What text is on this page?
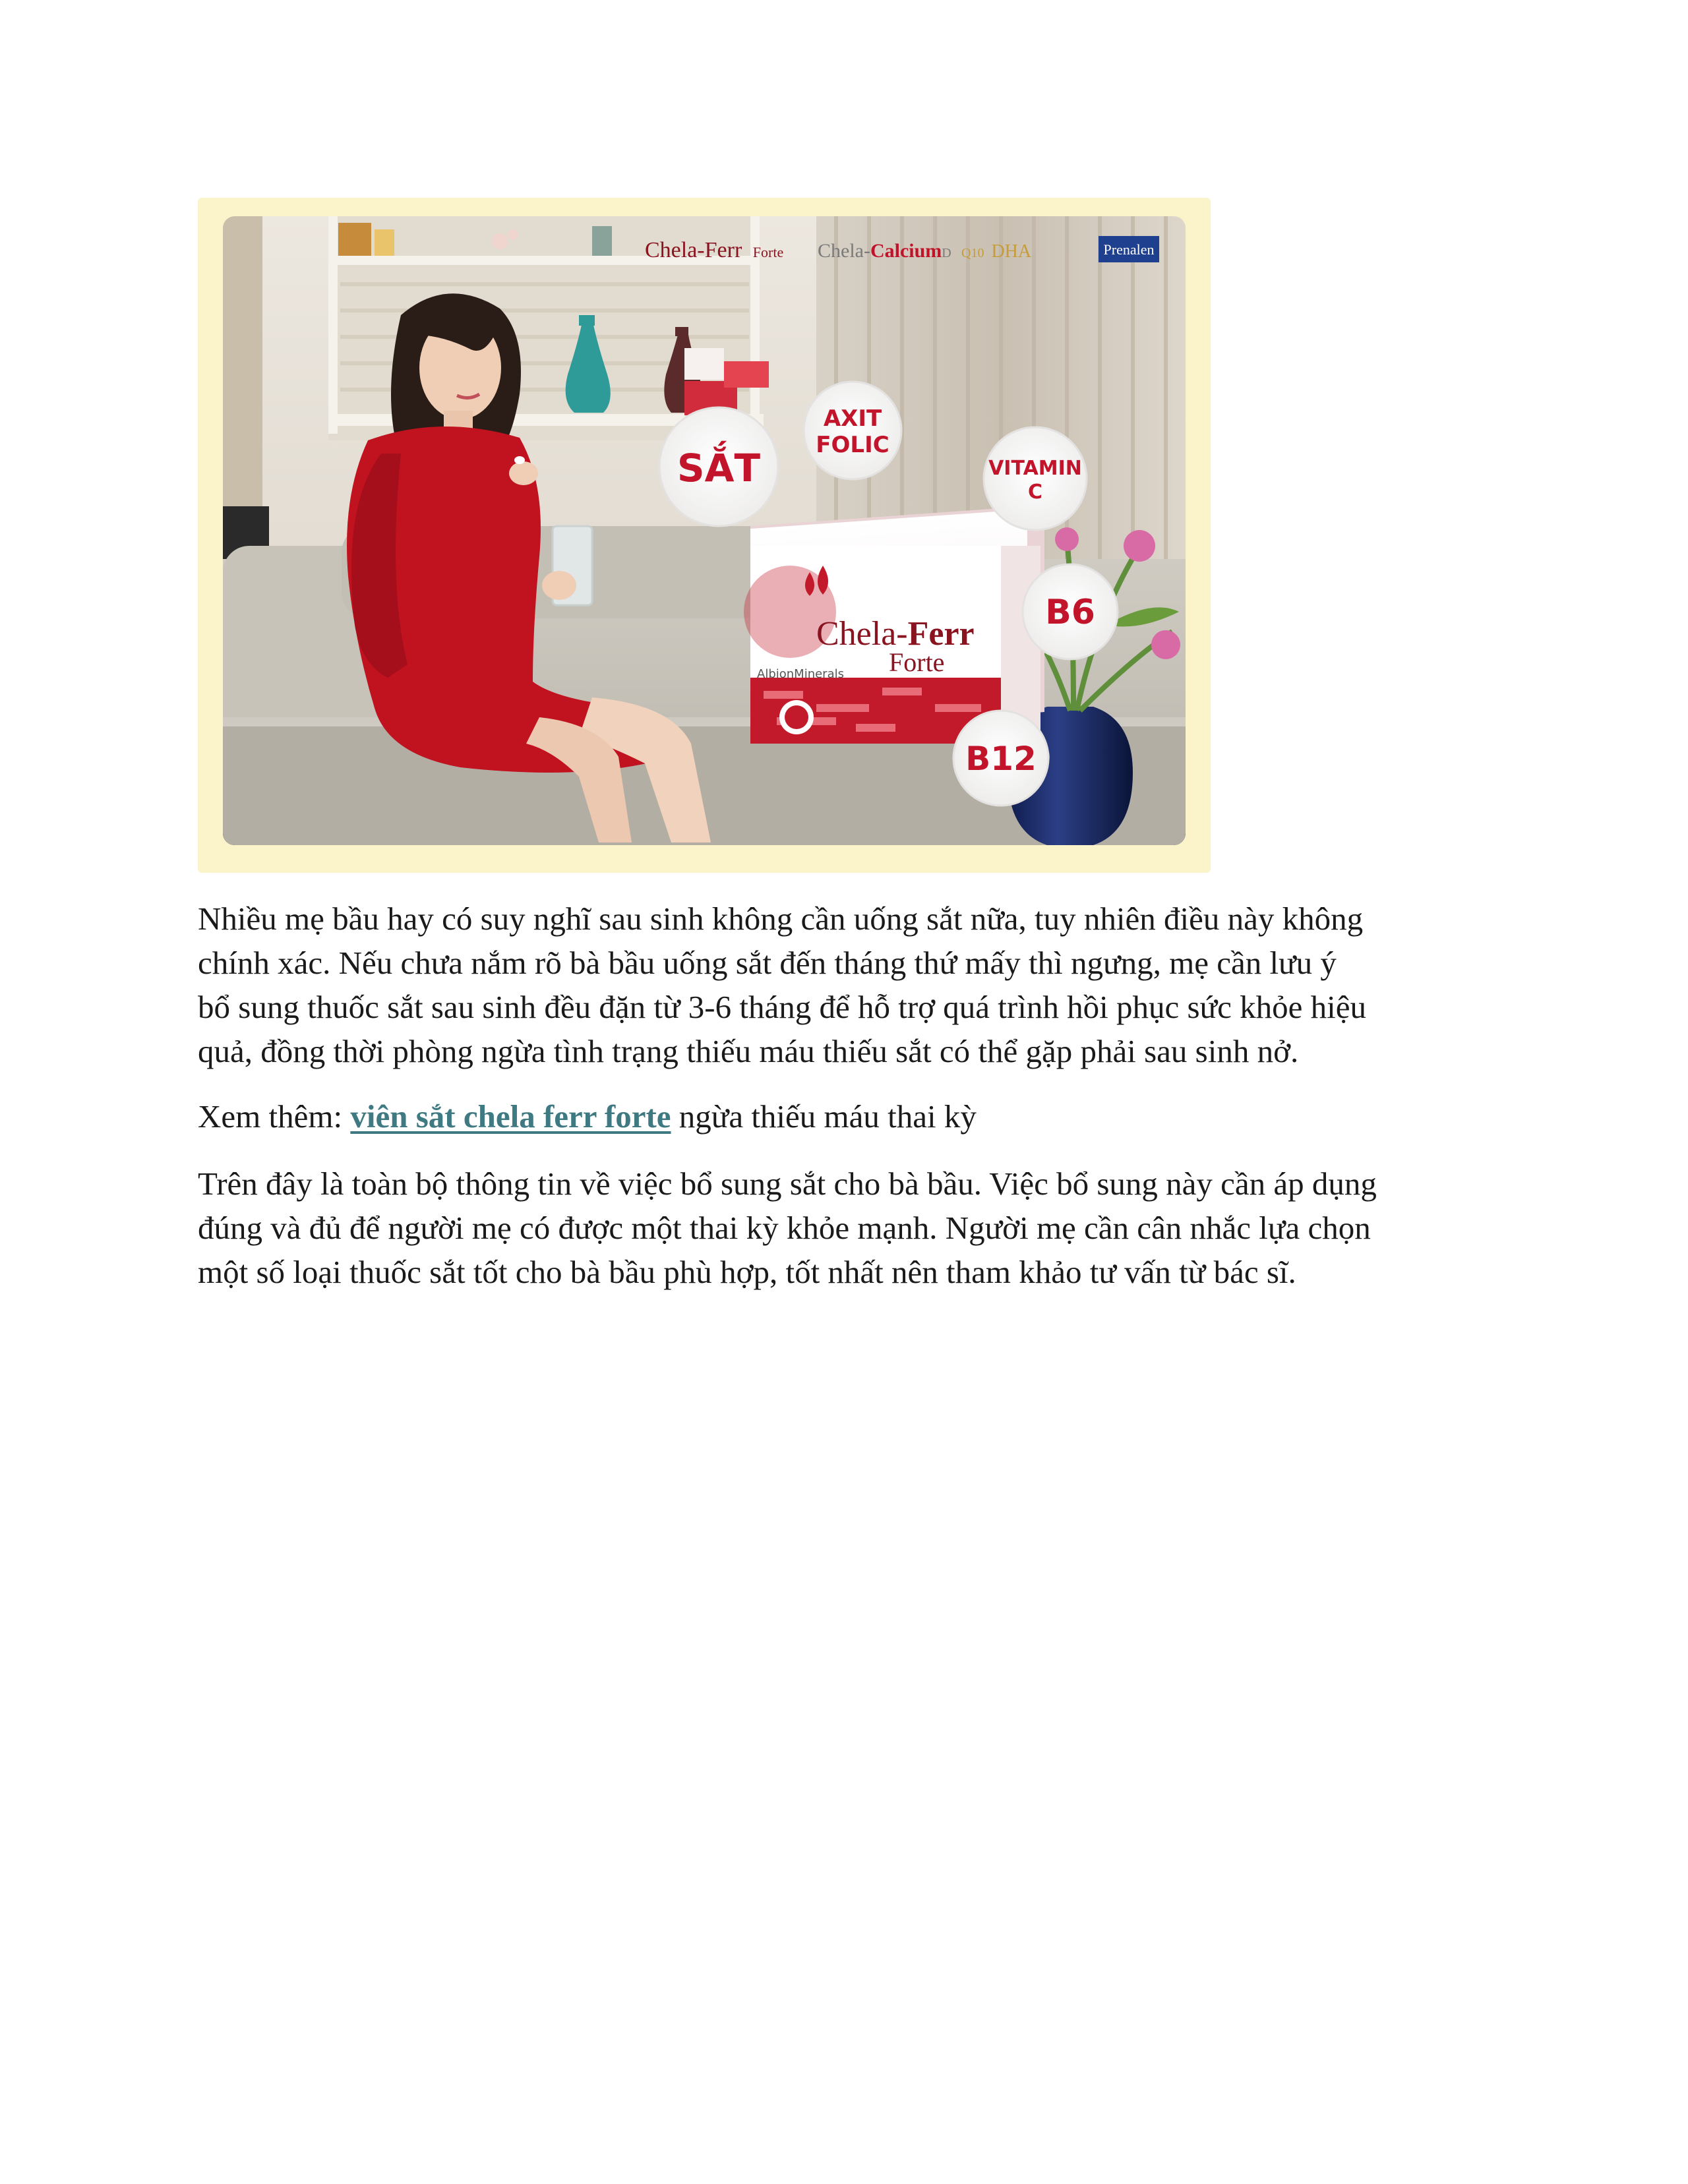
Chela-Ferr Forte Chela-CalciumD Q10 DHA	Prenalen
Chela-Ferr
Forte
AlbionMinerals
SẮT
AXIT
FOLIC
VITAMIN
C
B6
B12

Nhiều mẹ bầu hay có suy nghĩ sau sinh không cần uống sắt nữa, tuy nhiên điều này không
chính xác. Nếu chưa nắm rõ bà bầu uống sắt đến tháng thứ mấy thì ngưng, mẹ cần lưu ý
bổ sung thuốc sắt sau sinh đều đặn từ 3-6 tháng để hỗ trợ quá trình hồi phục sức khỏe hiệu
quả, đồng thời phòng ngừa tình trạng thiếu máu thiếu sắt có thể gặp phải sau sinh nở.

Xem thêm: viên sắt chela ferr forte ngừa thiếu máu thai kỳ

Trên đây là toàn bộ thông tin về việc bổ sung sắt cho bà bầu. Việc bổ sung này cần áp dụng
đúng và đủ để người mẹ có được một thai kỳ khỏe mạnh. Người mẹ cần cân nhắc lựa chọn
một số loại thuốc sắt tốt cho bà bầu phù hợp, tốt nhất nên tham khảo tư vấn từ bác sĩ.
